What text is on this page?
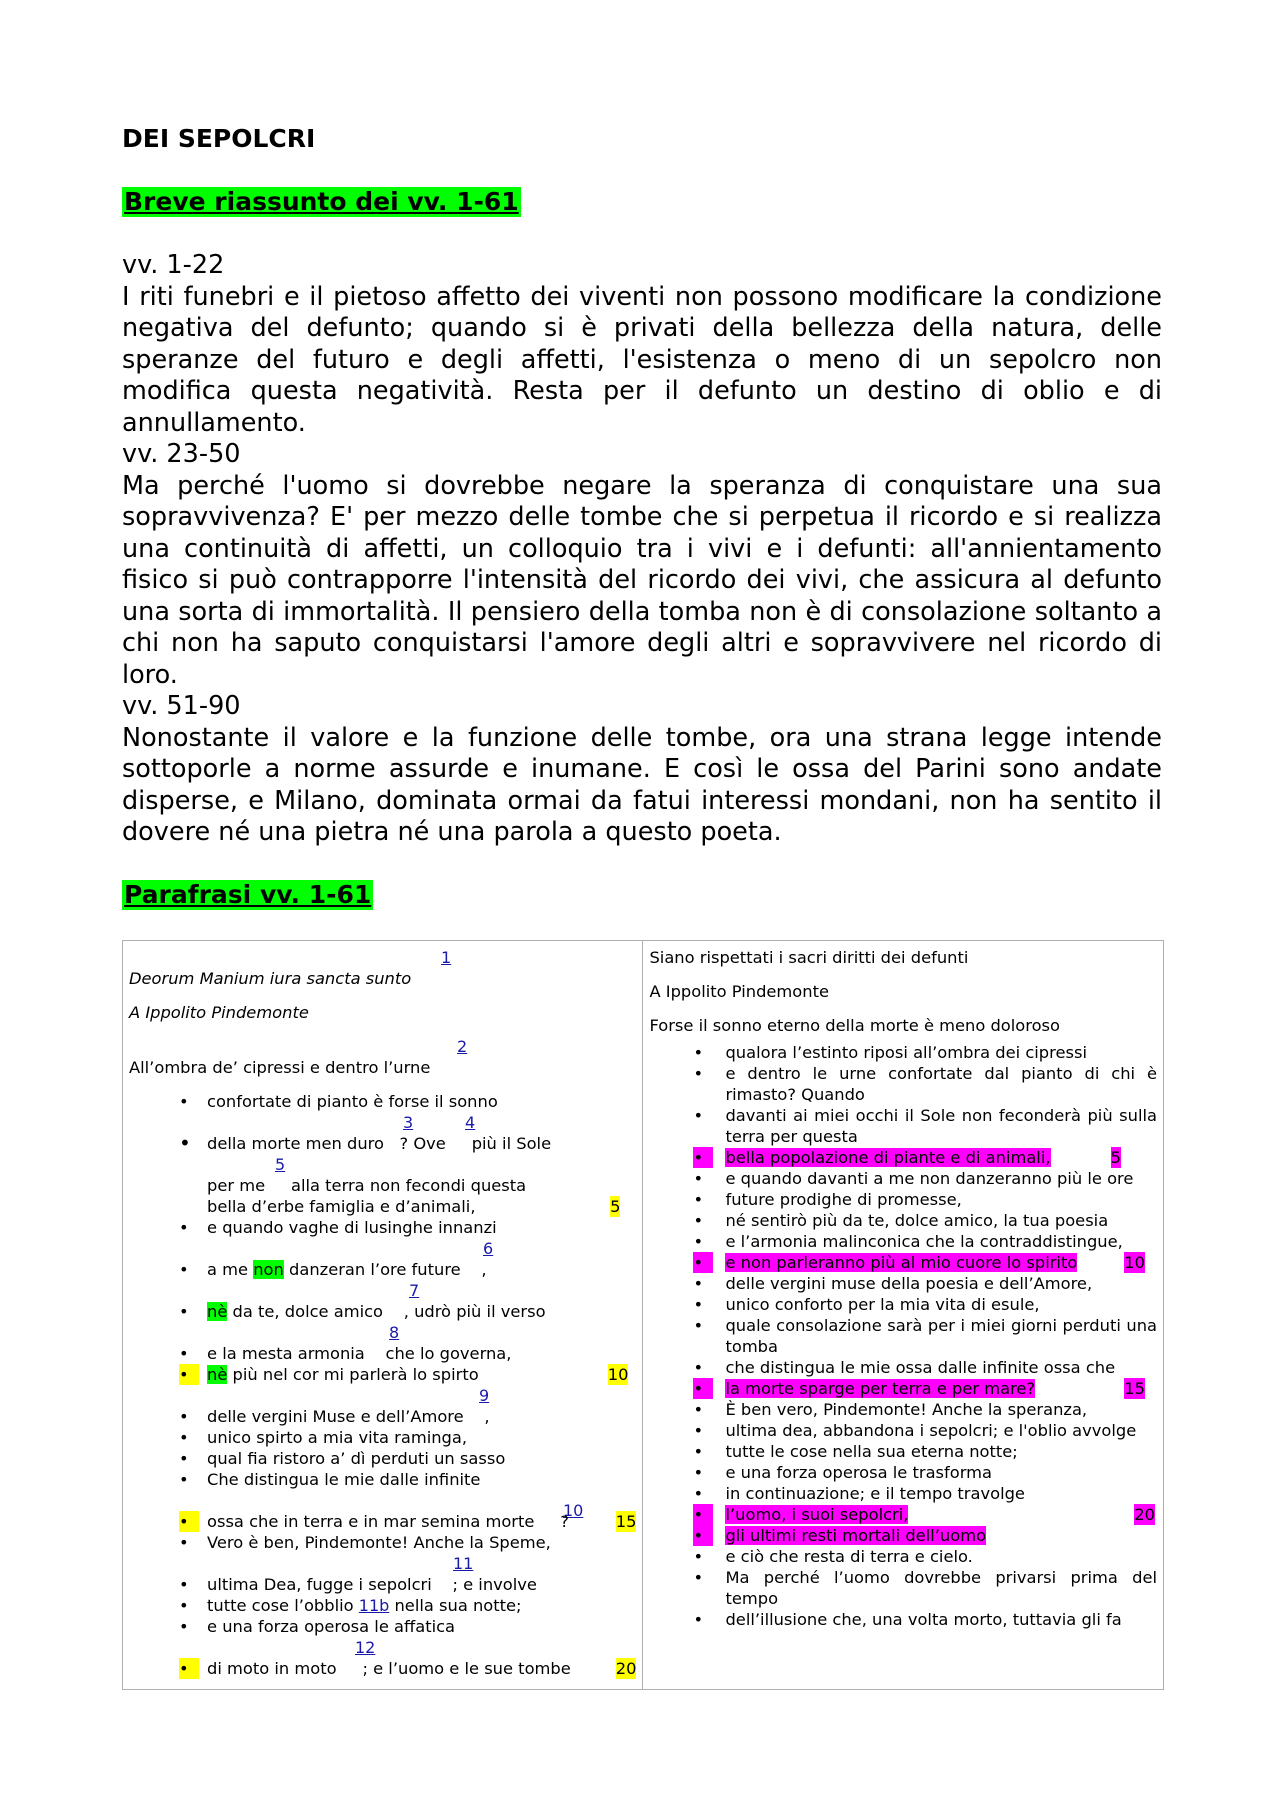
DEI SEPOLCRI
Breve riassunto dei vv. 1-61

vv. 1-22

I riti funebri e il pietoso affetto dei viventi non possono modificare la condizione negativa del defunto; quando si è privati della bellezza della natura, delle speranze del futuro e degli affetti, l'esistenza o meno di un sepolcro non modifica questa negatività. Resta per il defunto un destino di oblio e di annullamento.

vv. 23-50

Ma perché l'uomo si dovrebbe negare la speranza di conquistare una sua sopravvivenza? E' per mezzo delle tombe che si perpetua il ricordo e si realizza una continuità di affetti, un colloquio tra i vivi e i defunti: all'annientamento fisico si può contrapporre l'intensità del ricordo dei vivi, che assicura al defunto una sorta di immortalità. Il pensiero della tomba non è di consolazione soltanto a chi non ha saputo conquistarsi l'amore degli altri e sopravvivere nel ricordo di loro.

vv. 51-90

Nonostante il valore e la funzione delle tombe, ora una strana legge intende sottoporle a norme assurde e inumane. E così le ossa del Parini sono andate disperse, e Milano, dominata ormai da fatui interessi mondani, non ha sentito il dovere né una pietra né una parola a questo poeta.

Parafrasi vv. 1-61
1

Deorum Manium iura sancta sunto

A Ippolito Pindemonte

2

All’ombra de’ cipressi e dentro l’urne

•	confortate di pianto è forse il sonno
3	4
• della morte men duro ? Ove più il Sole
5
per me alla terra non fecondi questa
bella d’erbe famiglia e d’animali,	5
•	e quando vaghe di lusinghe innanzi
6
•	a me non danzeran l’ore future ,
7
•	nè da te, dolce amico , udrò più il verso
8
•	e la mesta armonia che lo governa,
•	nè più nel cor mi parlerà lo spirto	10
9
•	delle vergini Muse e dell’Amore ,
•	unico spirto a mia vita raminga,
•	qual fia ristoro a’ dì perduti un sasso
•	Che distingua le mie dalle infinite
10
•	ossa che in terra e in mar semina morte ?	15
•	Vero è ben, Pindemonte! Anche la Speme,
11
•	ultima Dea, fugge i sepolcri ; e involve
•	tutte cose l’obblio 11b nella sua notte;
•	e una forza operosa le affatica
12
•	di moto in moto ; e l’uomo e le sue tombe	20

Siano rispettati i sacri diritti dei defunti

A Ippolito Pindemonte

Forse il sonno eterno della morte è meno doloroso

•	qualora l’estinto riposi all’ombra dei cipressi
•	e dentro le urne confortate dal pianto di chi è rimasto? Quando
•	davanti ai miei occhi il Sole non feconderà più sulla terra per questa
•	bella popolazione di piante e di animali,	5
•	e quando davanti a me non danzeranno più le ore
•	future prodighe di promesse,
•	né sentirò più da te, dolce amico, la tua poesia
•	e l’armonia malinconica che la contraddistingue,
•	e non parleranno più al mio cuore lo spirito	10
•	delle vergini muse della poesia e dell’Amore,
•	unico conforto per la mia vita di esule,
•	quale consolazione sarà per i miei giorni perduti una tomba
•	che distingua le mie ossa dalle infinite ossa che
•	la morte sparge per terra e per mare?	15
•	È ben vero, Pindemonte! Anche la speranza,
•	ultima dea, abbandona i sepolcri; e l'oblio avvolge
•	tutte le cose nella sua eterna notte;
•	e una forza operosa le trasforma
•	in continuazione; e il tempo travolge
•	l’uomo, i suoi sepolcri,	20
•	gli ultimi resti mortali dell’uomo
•	e ciò che resta di terra e cielo.
•	Ma perché l’uomo dovrebbe privarsi prima del tempo
•	dell’illusione che, una volta morto, tuttavia gli fa
